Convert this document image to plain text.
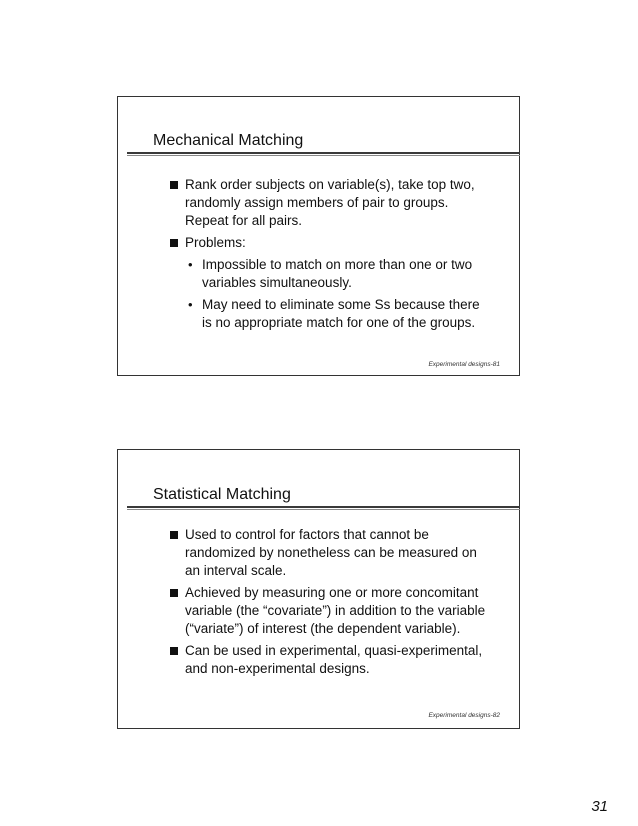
Mechanical Matching
Rank order subjects on variable(s), take top two, randomly assign members of pair to groups. Repeat for all pairs.
Problems:
• Impossible to match on more than one or two variables simultaneously.
• May need to eliminate some Ss because there is no appropriate match for one of the groups.
Experimental designs-81
Statistical Matching
Used to control for factors that cannot be randomized by nonetheless can be measured on an interval scale.
Achieved by measuring one or more concomitant variable (the “covariate”) in addition to the variable (“variate”) of interest (the dependent variable).
Can be used in experimental, quasi-experimental, and non-experimental designs.
Experimental designs-82
31
